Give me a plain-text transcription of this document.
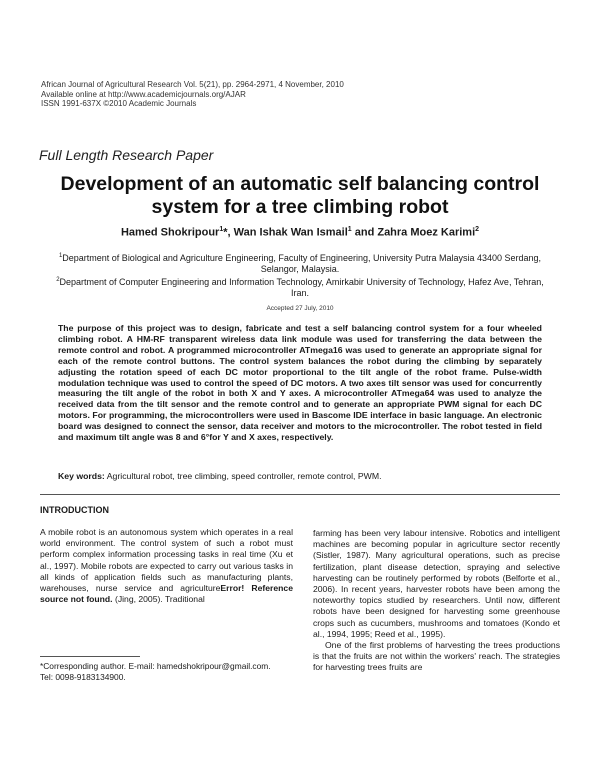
African Journal of Agricultural Research Vol. 5(21), pp. 2964-2971, 4 November, 2010
Available online at http://www.academicjournals.org/AJAR
ISSN 1991-637X ©2010 Academic Journals
Full Length Research Paper
Development of an automatic self balancing control system for a tree climbing robot
Hamed Shokripour$^1$*, Wan Ishak Wan Ismail$^1$ and Zahra Moez Karimi$^2$

$^1$Department of Biological and Agriculture Engineering, Faculty of Engineering, University Putra Malaysia 43400 Serdang, Selangor, Malaysia.

$^2$Department of Computer Engineering and Information Technology, Amirkabir University of Technology, Hafez Ave, Tehran, Iran.

Accepted 27 July, 2010
The purpose of this project was to design, fabricate and test a self balancing control system for a four wheeled climbing robot. A HM-RF transparent wireless data link module was used for transferring the data between the remote control and robot. A programmed microcontroller ATmega16 was used to generate an appropriate signal for each of the remote control buttons. The control system balances the robot during the climbing by separately adjusting the rotation speed of each DC motor proportional to the tilt angle of the robot frame. Pulse-width modulation technique was used to control the speed of DC motors. A two axes tilt sensor was used for concurrently measuring the tilt angle of the robot in both X and Y axes. A microcontroller ATmega64 was used to analyze the received data from the tilt sensor and the remote control and to generate an appropriate PWM signal for each DC motors. For programming, the microcontrollers were used in Bascome IDE interface in basic language. An electronic board was designed to connect the sensor, data receiver and motors to the microcontroller. The robot tested in field and maximum tilt angle was 8 and 6°for Y and X axes, respectively.
Key words: Agricultural robot, tree climbing, speed controller, remote control, PWM.
INTRODUCTION

A mobile robot is an autonomous system which operates in a real world environment. The control system of such a robot must perform complex information processing tasks in real time (Xu et al., 1997). Mobile robots are expected to carry out various tasks in all kinds of application fields such as manufacturing plants, warehouses, nurse service and agricultureError! Reference source not found. (Jing, 2005). Traditional

*Corresponding author. E-mail: hamedshokripour@gmail.com.

Tel: 0098-9183134900.

farming has been very labour intensive. Robotics and intelligent machines are becoming popular in agriculture sector recently (Sistler, 1987). Many agricultural operations, such as precise fertilization, plant disease detection, spraying and selective harvesting can be routinely performed by robots (Belforte et al., 2006). In recent years, harvester robots have been among the noteworthy topics studied by researchers. Until now, different robots have been designed for harvesting some greenhouse crops such as cucumbers, mushrooms and tomatoes (Kondo et al., 1994, 1995; Reed et al., 1995).

One of the first problems of harvesting the trees productions is that the fruits are not within the workers' reach. The strategies for harvesting trees fruits are
